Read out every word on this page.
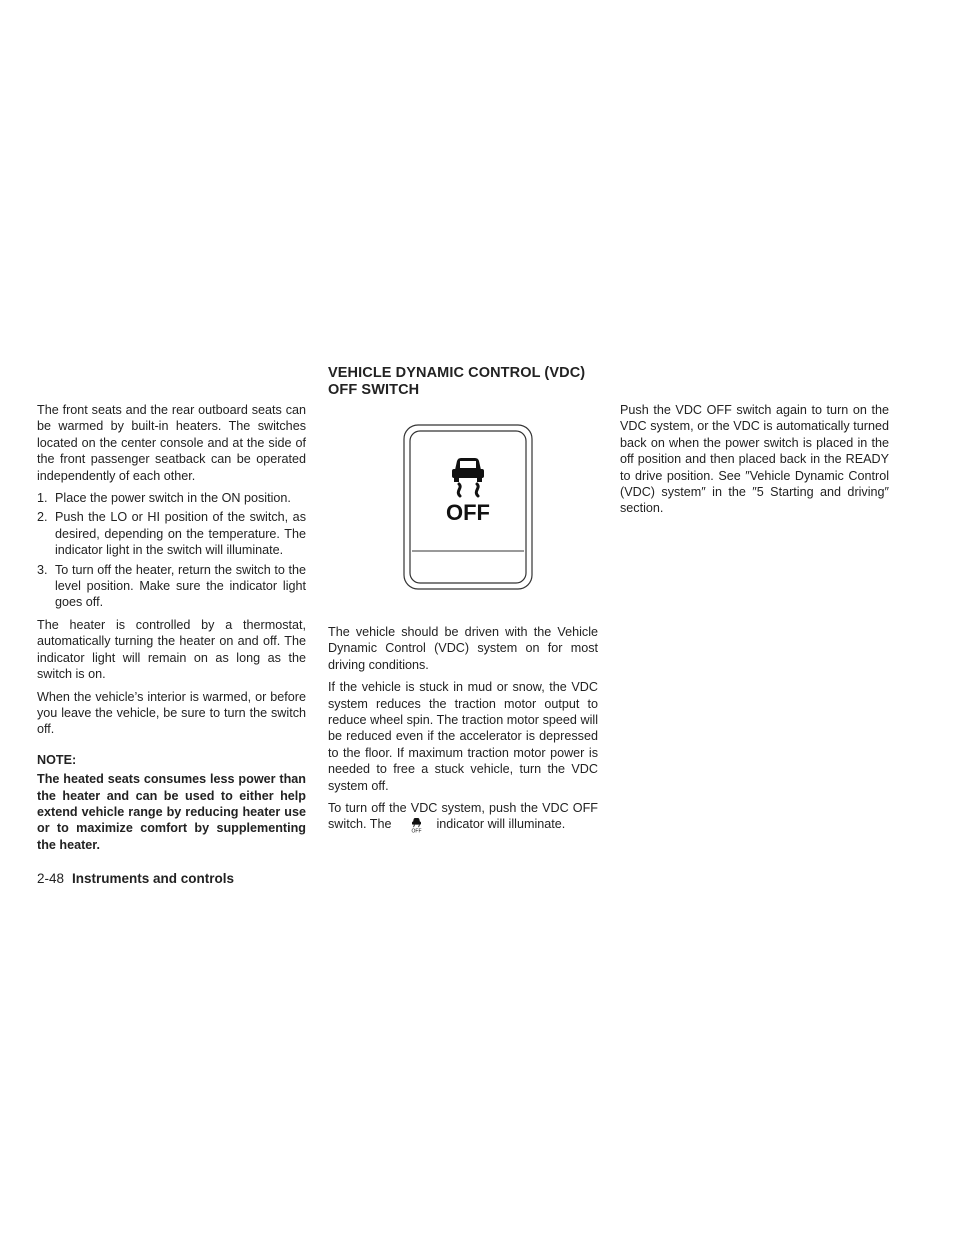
The front seats and the rear outboard seats can be warmed by built-in heaters. The switches located on the center console and at the side of the front passenger seatback can be operated independently of each other.

1. Place the power switch in the ON position.
2. Push the LO or HI position of the switch, as desired, depending on the temperature. The indicator light in the switch will illuminate.
3. To turn off the heater, return the switch to the level position. Make sure the indicator light goes off.

The heater is controlled by a thermostat, automatically turning the heater on and off. The indicator light will remain on as long as the switch is on.

When the vehicle’s interior is warmed, or before you leave the vehicle, be sure to turn the switch off.

NOTE:

The heated seats consumes less power than the heater and can be used to either help extend vehicle range by reducing heater use or to maximize comfort by supplementing the heater.

VEHICLE DYNAMIC CONTROL (VDC) OFF SWITCH
OFF

The vehicle should be driven with the Vehicle Dynamic Control (VDC) system on for most driving conditions.

If the vehicle is stuck in mud or snow, the VDC system reduces the traction motor output to reduce wheel spin. The traction motor speed will be reduced even if the accelerator is depressed to the floor. If maximum traction motor power is needed to free a stuck vehicle, turn the VDC system off.

To turn off the VDC system, push the VDC OFF switch. The
OFF
indicator will illuminate.

Push the VDC OFF switch again to turn on the VDC system, or the VDC is automatically turned back on when the power switch is placed in the off position and then placed back in the READY to drive position. See ″Vehicle Dynamic Control (VDC) system″ in the ″5 Starting and driving″ section.

2-48 Instruments and controls
